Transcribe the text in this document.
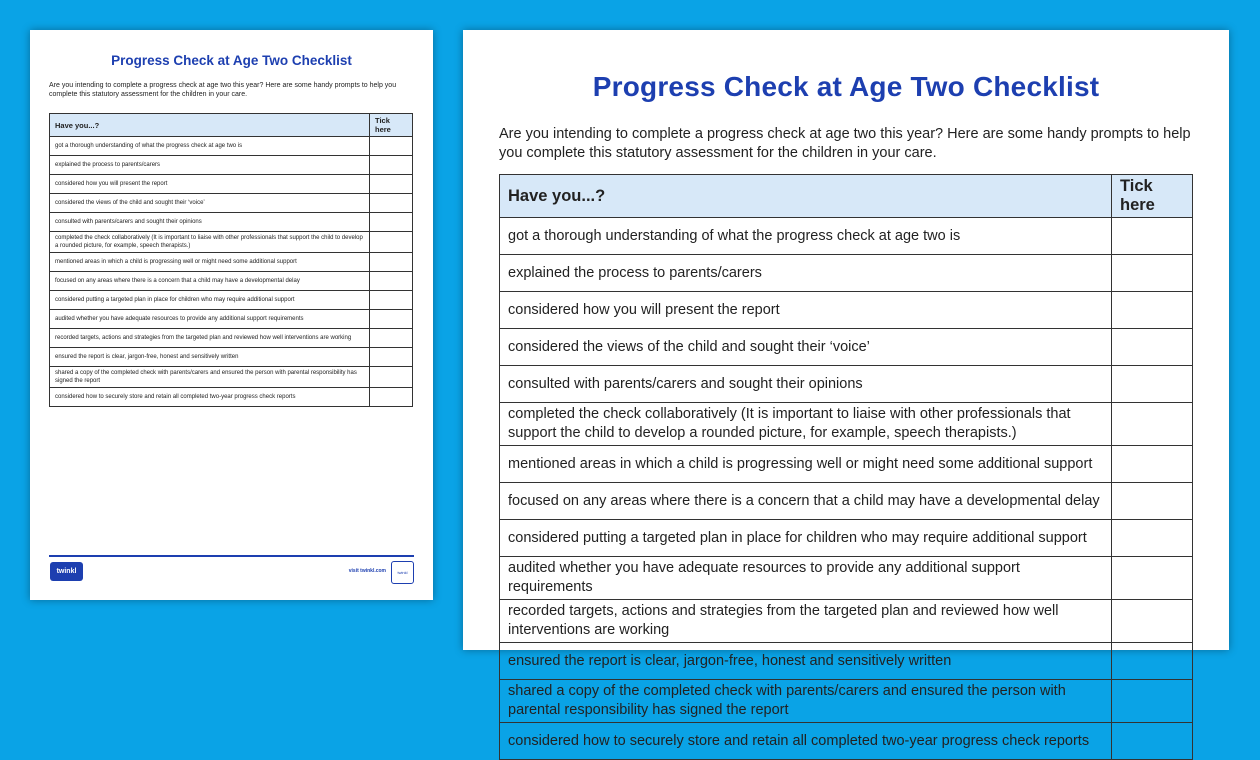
Progress Check at Age Two Checklist
Are you intending to complete a progress check at age two this year? Here are some handy prompts to help you complete this statutory assessment for the children in your care.
Have you...?	Tick here
got a thorough understanding of what the progress check at age two is	
explained the process to parents/carers	
considered how you will present the report	
considered the views of the child and sought their ‘voice’	
consulted with parents/carers and sought their opinions	
completed the check collaboratively (It is important to liaise with other professionals that support the child to develop a rounded picture, for example, speech therapists.)	
mentioned areas in which a child is progressing well or might need some additional support	
focused on any areas where there is a concern that a child may have a developmental delay	
considered putting a targeted plan in place for children who may require additional support	
audited whether you have adequate resources to provide any additional support requirements	
recorded targets, actions and strategies from the targeted plan and reviewed how well interventions are working	
ensured the report is clear, jargon-free, honest and sensitively written	
shared a copy of the completed check with parents/carers and ensured the person with parental responsibility has signed the report	
considered how to securely store and retain all completed two-year progress check reports	
twinkl	visit twinkl.com	twinkl
Progress Check at Age Two Checklist
Are you intending to complete a progress check at age two this year? Here are some handy prompts to help you complete this statutory assessment for the children in your care.
Have you...?	Tick here
got a thorough understanding of what the progress check at age two is	
explained the process to parents/carers	
considered how you will present the report	
considered the views of the child and sought their ‘voice’	
consulted with parents/carers and sought their opinions	
completed the check collaboratively (It is important to liaise with other professionals that support the child to develop a rounded picture, for example, speech therapists.)	
mentioned areas in which a child is progressing well or might need some additional support	
focused on any areas where there is a concern that a child may have a developmental delay	
considered putting a targeted plan in place for children who may require additional support	
audited whether you have adequate resources to provide any additional support requirements	
recorded targets, actions and strategies from the targeted plan and reviewed how well interventions are working	
ensured the report is clear, jargon-free, honest and sensitively written	
shared a copy of the completed check with parents/carers and ensured the person with parental responsibility has signed the report	
considered how to securely store and retain all completed two-year progress check reports	
